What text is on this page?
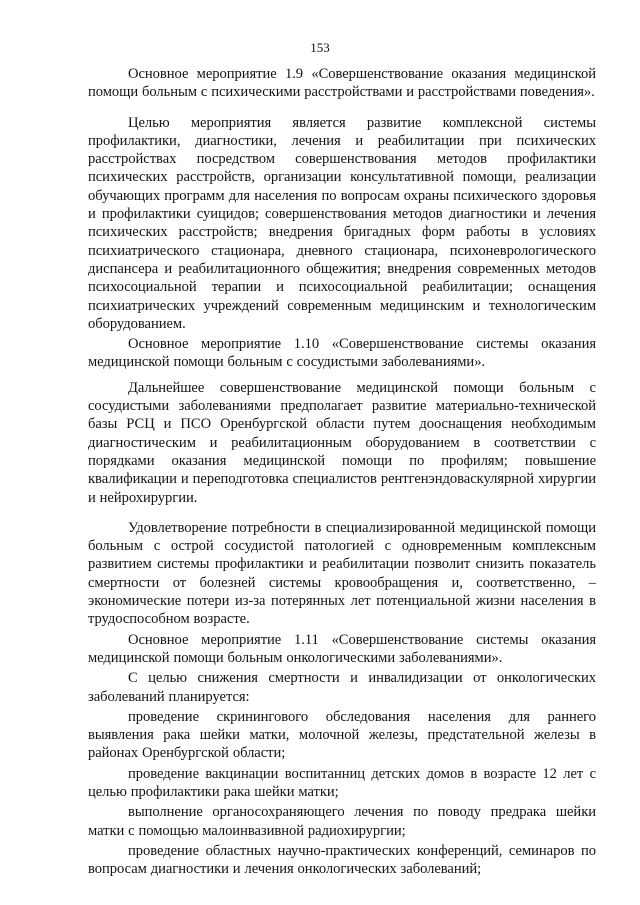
153

Основное мероприятие 1.9 «Совершенствование оказания медицинской помощи больным с психическими расстройствами и расстройствами поведения».

Целью мероприятия является развитие комплексной системы профилактики, диагностики, лечения и реабилитации при психических расстройствах посредством совершенствования методов профилактики психических расстройств, организации консультативной помощи, реализации обучающих программ для населения по вопросам охраны психического здоровья и профилактики суицидов; совершенствования методов диагностики и лечения психических расстройств; внедрения бригадных форм работы в условиях психиатрического стационара, дневного стационара, психоневрологического диспансера и реабилитационного общежития; внедрения современных методов психосоциальной терапии и психосоциальной реабилитации; оснащения психиатрических учреждений современным медицинским и технологическим оборудованием.

Основное мероприятие 1.10 «Совершенствование системы оказания медицинской помощи больным с сосудистыми заболеваниями».

Дальнейшее совершенствование медицинской помощи больным с сосудистыми заболеваниями предполагает развитие материально-технической базы РСЦ и ПСО Оренбургской области путем дооснащения необходимым диагностическим и реабилитационным оборудованием в соответствии с порядками оказания медицинской помощи по профилям; повышение квалификации и переподготовка специалистов рентгенэндоваскулярной хирургии и нейрохирургии.

Удовлетворение потребности в специализированной медицинской помощи больным с острой сосудистой патологией с одновременным комплексным развитием системы профилактики и реабилитации позволит снизить показатель смертности от болезней системы кровообращения и, соответственно, – экономические потери из-за потерянных лет потенциальной жизни населения в трудоспособном возрасте.

Основное мероприятие 1.11 «Совершенствование системы оказания медицинской помощи больным онкологическими заболеваниями».

С целью снижения смертности и инвалидизации от онкологических заболеваний планируется:

проведение скринингового обследования населения для раннего выявления рака шейки матки, молочной железы, предстательной железы в районах Оренбургской области;

проведение вакцинации воспитанниц детских домов в возрасте 12 лет с целью профилактики рака шейки матки;

выполнение органосохраняющего лечения по поводу предрака шейки матки с помощью малоинвазивной радиохирургии;

проведение областных научно-практических конференций, семинаров по вопросам диагностики и лечения онкологических заболеваний;
